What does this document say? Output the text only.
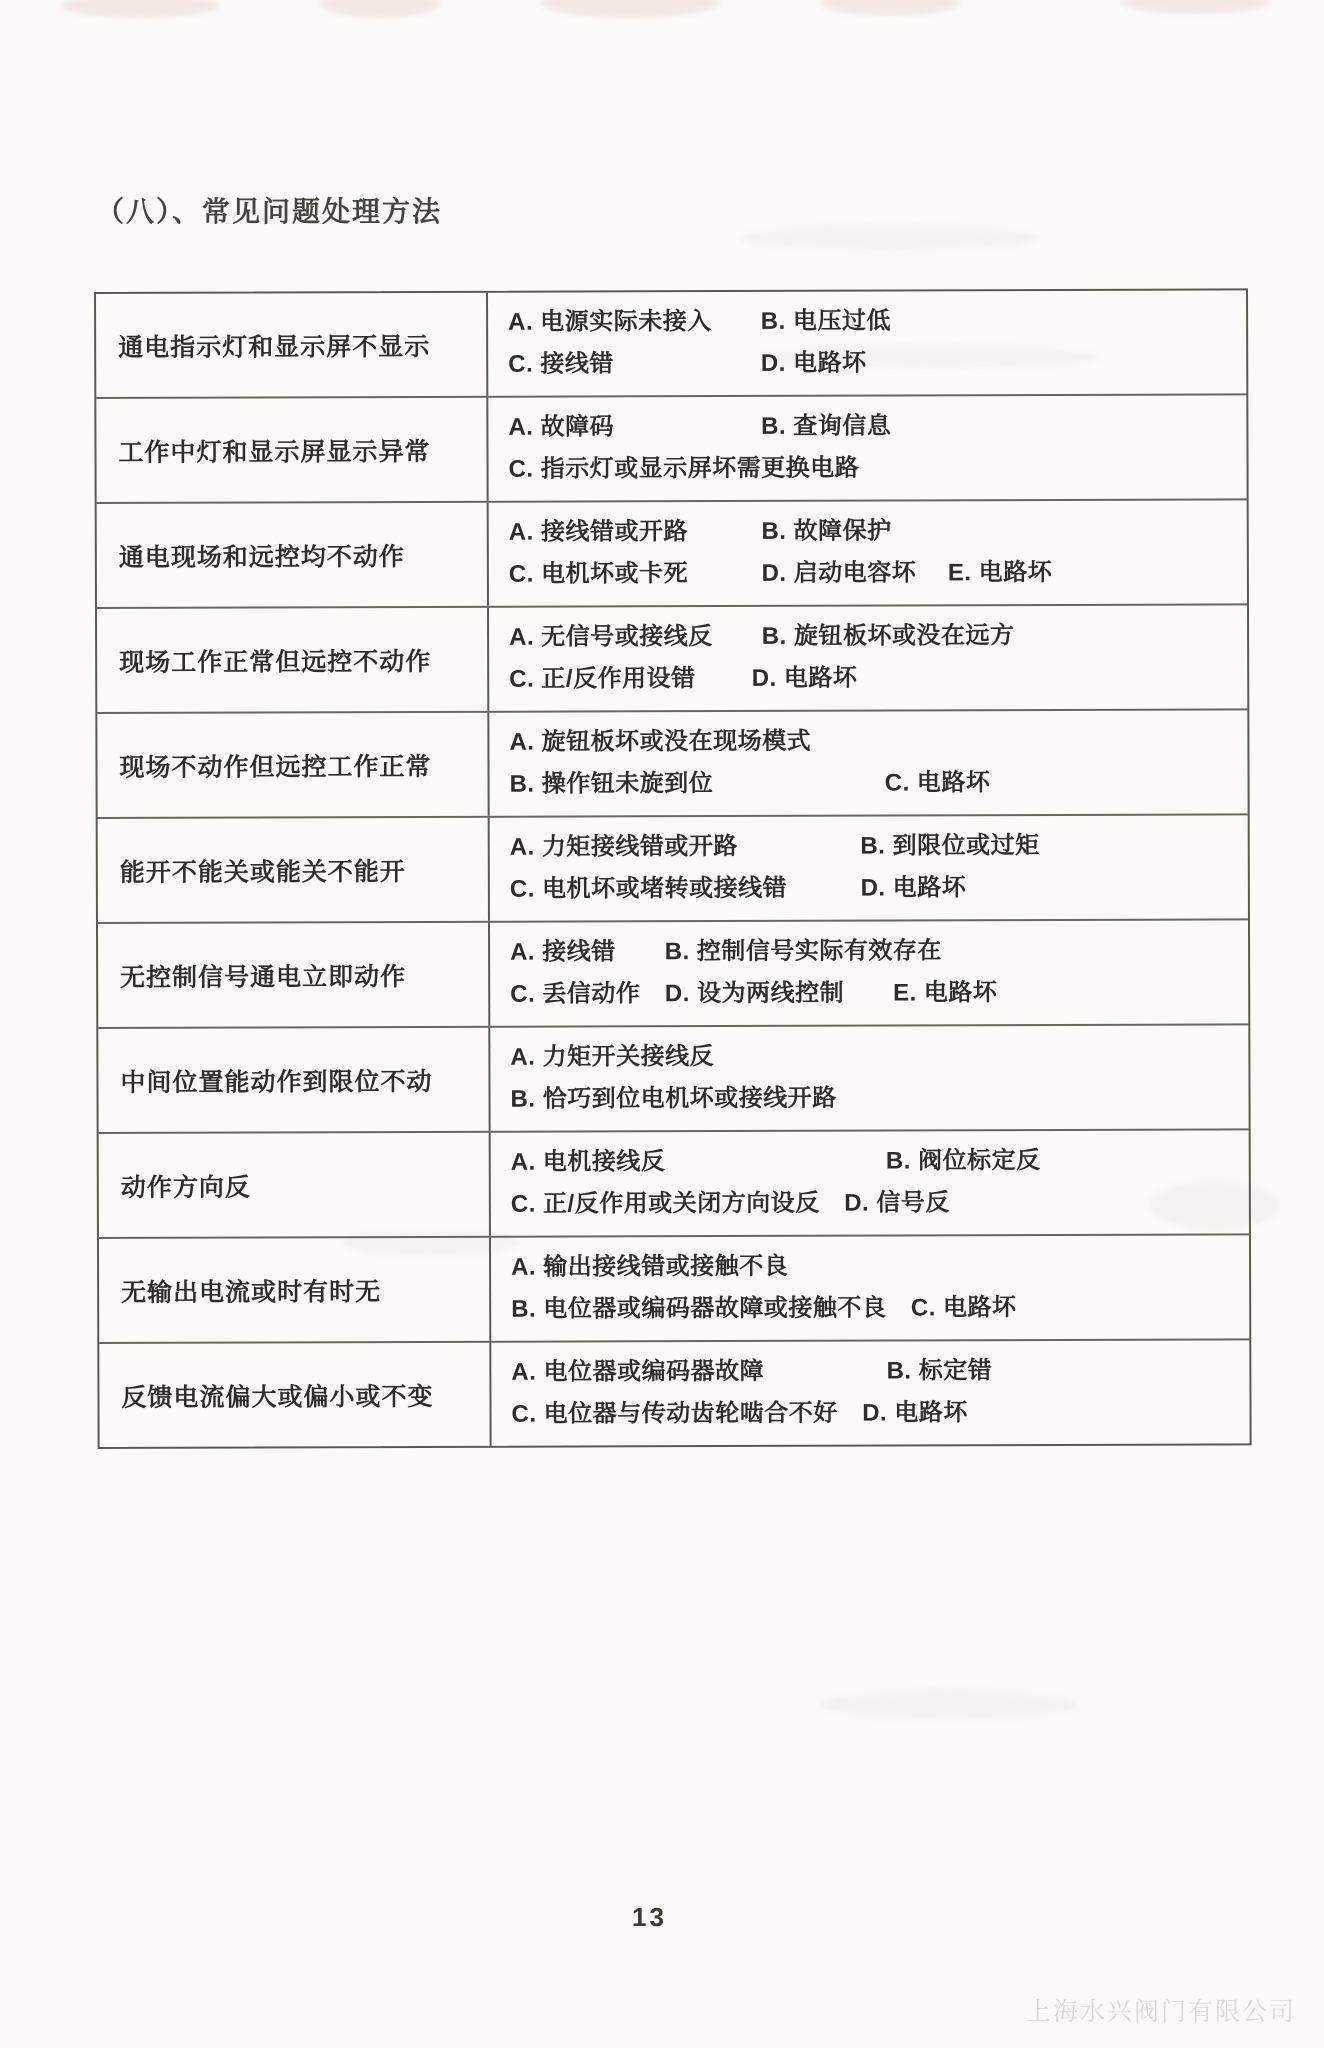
（八）、常见问题处理方法
通电指示灯和显示屏不显示
A. 电源实际未接入　　B. 电压过低
C. 接线错　　　　　　D. 电路坏
工作中灯和显示屏显示异常
A. 故障码　　　　　　B. 查询信息
C. 指示灯或显示屏坏需更换电路
通电现场和远控均不动作
A. 接线错或开路　　　B. 故障保护
C. 电机坏或卡死　　　D. 启动电容坏　 E. 电路坏
现场工作正常但远控不动作
A. 无信号或接线反　　B. 旋钮板坏或没在远方
C. 正/反作用设错　　 D. 电路坏
现场不动作但远控工作正常
A. 旋钮板坏或没在现场模式
B. 操作钮未旋到位　　　　　　　C. 电路坏
能开不能关或能关不能开
A. 力矩接线错或开路　　　　　B. 到限位或过矩
C. 电机坏或堵转或接线错　　　D. 电路坏
无控制信号通电立即动作
A. 接线错　　B. 控制信号实际有效存在
C. 丢信动作　D. 设为两线控制　　E. 电路坏
中间位置能动作到限位不动
A. 力矩开关接线反
B. 恰巧到位电机坏或接线开路
动作方向反
A. 电机接线反　　　　　　　　　B. 阀位标定反
C. 正/反作用或关闭方向设反　D. 信号反
无输出电流或时有时无
A. 输出接线错或接触不良
B. 电位器或编码器故障或接触不良　C. 电路坏
反馈电流偏大或偏小或不变
A. 电位器或编码器故障　　　　　B. 标定错
C. 电位器与传动齿轮啮合不好　D. 电路坏
13
上海水兴阀门有限公司
